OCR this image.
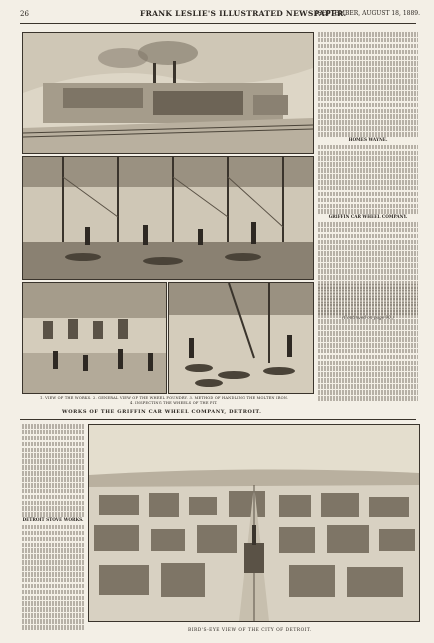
26	FRANK LESLIE'S ILLUSTRATED NEWSPAPER.
[SEPTEMBER, AUGUST 18, 1889.
HOMES WAYNE.
GRIFFIN CAR WHEEL COMPANY.
(Continued on page 90.)
1. VIEW OF THE WORKS. 2. GENERAL VIEW OF THE WHEEL FOUNDRY. 3. METHOD OF HANDLING THE MOLTEN IRON.
4. INSPECTING THE WHEELS OF THE PIT.
WORKS OF THE GRIFFIN CAR WHEEL COMPANY, DETROIT.
DETROIT STOVE WORKS.
BIRD'S-EYE VIEW OF THE CITY OF DETROIT.
